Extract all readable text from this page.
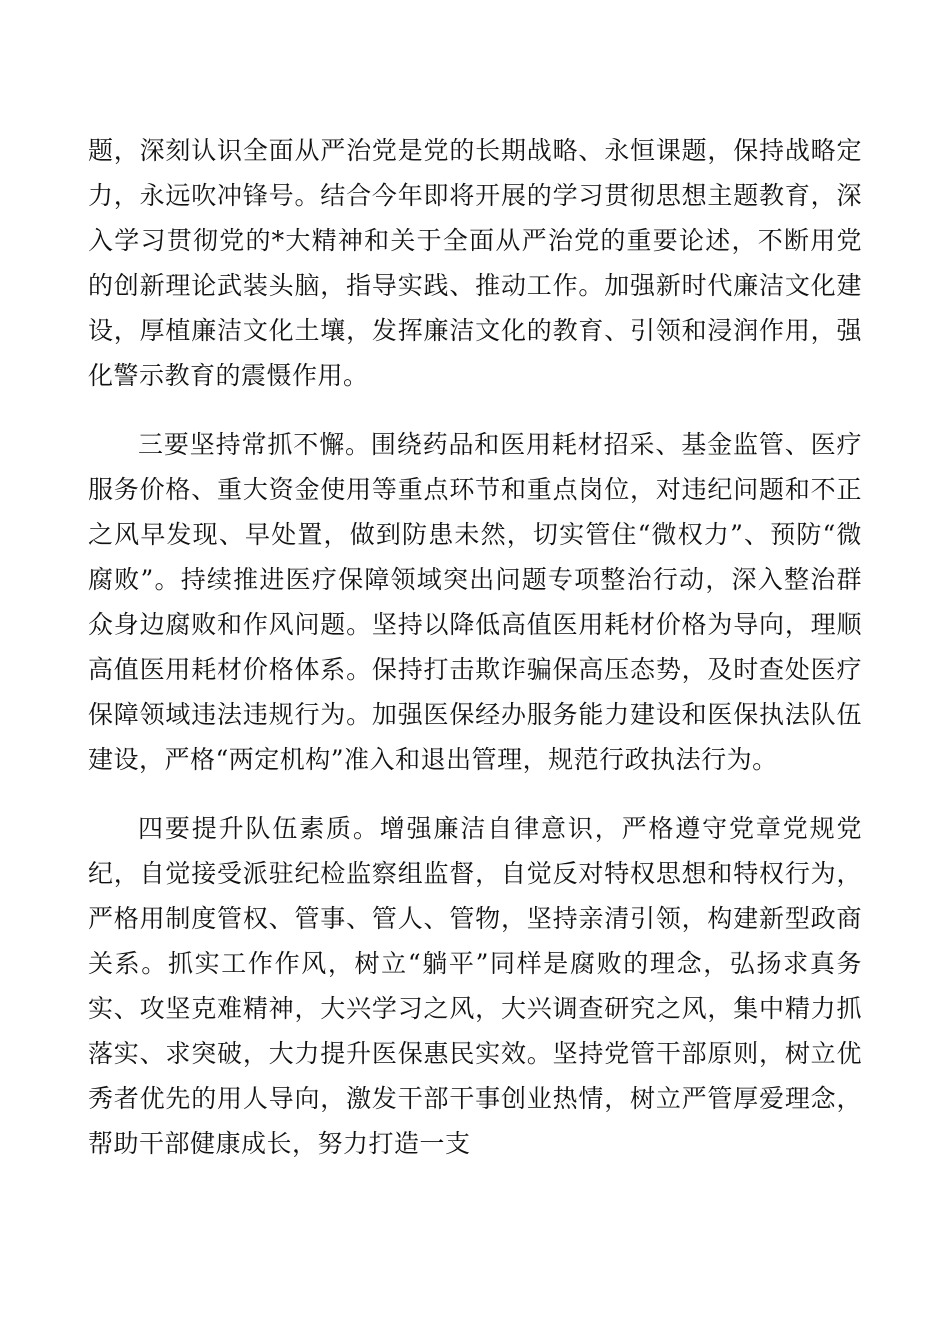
题，深刻认识全面从严治党是党的长期战略、永恒课题，保持战略定力，永远吹冲锋号。结合今年即将开展的学习贯彻思想主题教育，深入学习贯彻党的*大精神和关于全面从严治党的重要论述，不断用党的创新理论武装头脑，指导实践、推动工作。加强新时代廉洁文化建设，厚植廉洁文化土壤，发挥廉洁文化的教育、引领和浸润作用，强化警示教育的震慑作用。

三要坚持常抓不懈。围绕药品和医用耗材招采、基金监管、医疗服务价格、重大资金使用等重点环节和重点岗位，对违纪问题和不正之风早发现、早处置，做到防患未然，切实管住“微权力”、预防“微腐败”。持续推进医疗保障领域突出问题专项整治行动，深入整治群众身边腐败和作风问题。坚持以降低高值医用耗材价格为导向，理顺高值医用耗材价格体系。保持打击欺诈骗保高压态势，及时查处医疗保障领域违法违规行为。加强医保经办服务能力建设和医保执法队伍建设，严格“两定机构”准入和退出管理，规范行政执法行为。

四要提升队伍素质。增强廉洁自律意识，严格遵守党章党规党纪，自觉接受派驻纪检监察组监督，自觉反对特权思想和特权行为，严格用制度管权、管事、管人、管物，坚持亲清引领，构建新型政商关系。抓实工作作风，树立“躺平”同样是腐败的理念，弘扬求真务实、攻坚克难精神，大兴学习之风，大兴调查研究之风，集中精力抓落实、求突破，大力提升医保惠民实效。坚持党管干部原则，树立优秀者优先的用人导向，激发干部干事创业热情，树立严管厚爱理念，帮助干部健康成长，努力打造一支
